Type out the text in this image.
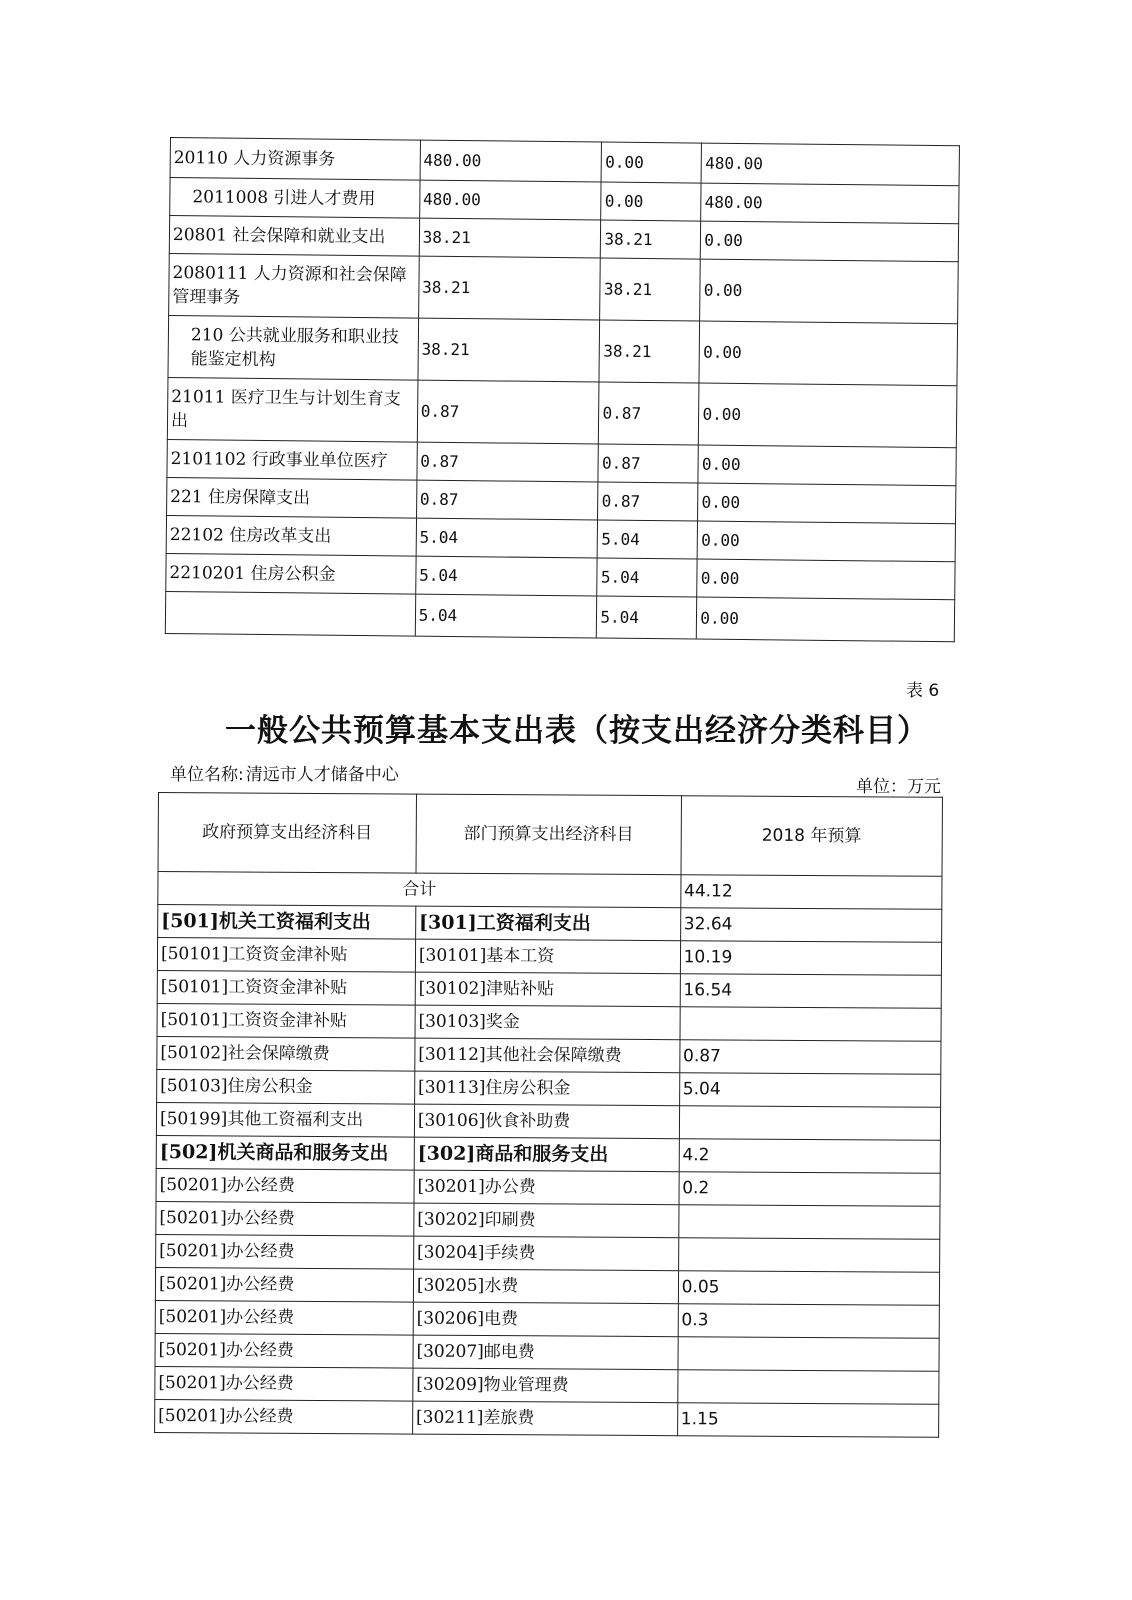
20110 人力资源事务	480.00	0.00	480.00
2011008 引进人才费用	480.00	0.00	480.00
20801 社会保障和就业支出	38.21	38.21	0.00
2080111 人力资源和社会保障管理事务	38.21	38.21	0.00
210 公共就业服务和职业技能鉴定机构	38.21	38.21	0.00
21011 医疗卫生与计划生育支出	0.87	0.87	0.00
2101102 行政事业单位医疗	0.87	0.87	0.00
221 住房保障支出	0.87	0.87	0.00
22102 住房改革支出	5.04	5.04	0.00
2210201 住房公积金	5.04	5.04	0.00
	5.04	5.04	0.00
表 6
一般公共预算基本支出表（按支出经济分类科目）
单位名称: 清远市人才储备中心
单位：万元
政府预算支出经济科目	部门预算支出经济科目	2018 年预算
合计		44.12
[501]机关工资福利支出	[301]工资福利支出	32.64
[50101]工资资金津补贴	[30101]基本工资	10.19
[50101]工资资金津补贴	[30102]津贴补贴	16.54
[50101]工资资金津补贴	[30103]奖金	
[50102]社会保障缴费	[30112]其他社会保障缴费	0.87
[50103]住房公积金	[30113]住房公积金	5.04
[50199]其他工资福利支出	[30106]伙食补助费	
[502]机关商品和服务支出	[302]商品和服务支出	4.2
[50201]办公经费	[30201]办公费	0.2
[50201]办公经费	[30202]印刷费	
[50201]办公经费	[30204]手续费	
[50201]办公经费	[30205]水费	0.05
[50201]办公经费	[30206]电费	0.3
[50201]办公经费	[30207]邮电费	
[50201]办公经费	[30209]物业管理费	
[50201]办公经费	[30211]差旅费	1.15
